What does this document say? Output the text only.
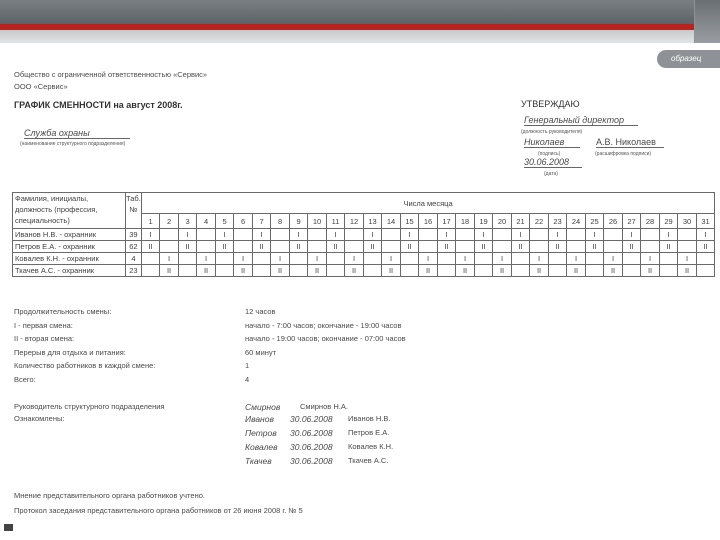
образец
Общество с ограниченной ответственностью «Сервис»
ООО «Сервис»
ГРАФИК СМЕННОСТИ на август 2008г.
Служба охраны
(наименование структурного подразделения)
УТВЕРЖДАЮ
Генеральный директор
(должность руководителя)
Николаев	А.В. Николаев
(подпись)	(расшифровка подписи)
30.06.2008
(дата)
Фамилия, инициалы, должность (профессия, специальность)	Таб. №	Числа месяца																														
		1	2	3	4	5	6	7	8	9	10	11	12	13	14	15	16	17	18	19	20	21	22	23	24	25	26	27	28	29	30	31
Иванов Н.В. - охранник	39	I		I		I		I		I		I		I		I		I		I		I		I		I		I		I		I
Петров Е.А. - охранник	62	II		II		II		II		II		II		II		II		II		II		II		II		II		II		II		II
Ковалев К.Н. - охранник	4		I		I		I		I		I		I		I		I		I		I		I		I		I		I		I	
Ткачев А.С. - охранник	23		II		II		II		II		II		II		II		II		II		II		II		II		II		II		II	
Продолжительность смены:	12 часов
I - первая смена:	начало - 7:00 часов; окончание - 19:00 часов
II - вторая смена:	начало - 19:00 часов; окончание - 07:00 часов
Перерыв для отдыха и питания:	60 минут
Количество работников в каждой смене:	1
Всего:	4
Руководитель структурного подразделения
Ознакомлены:
Смирнов	Смирнов Н.А.
Иванов 30.06.2008 Иванов Н.В.
Петров 30.06.2008 Петров Е.А.
Ковалев 30.06.2008 Ковалев К.Н.
Ткачев 30.06.2008 Ткачев А.С.
Мнение представительного органа работников учтено.
Протокол заседания представительного органа работников от 26 июня 2008 г. № 5
